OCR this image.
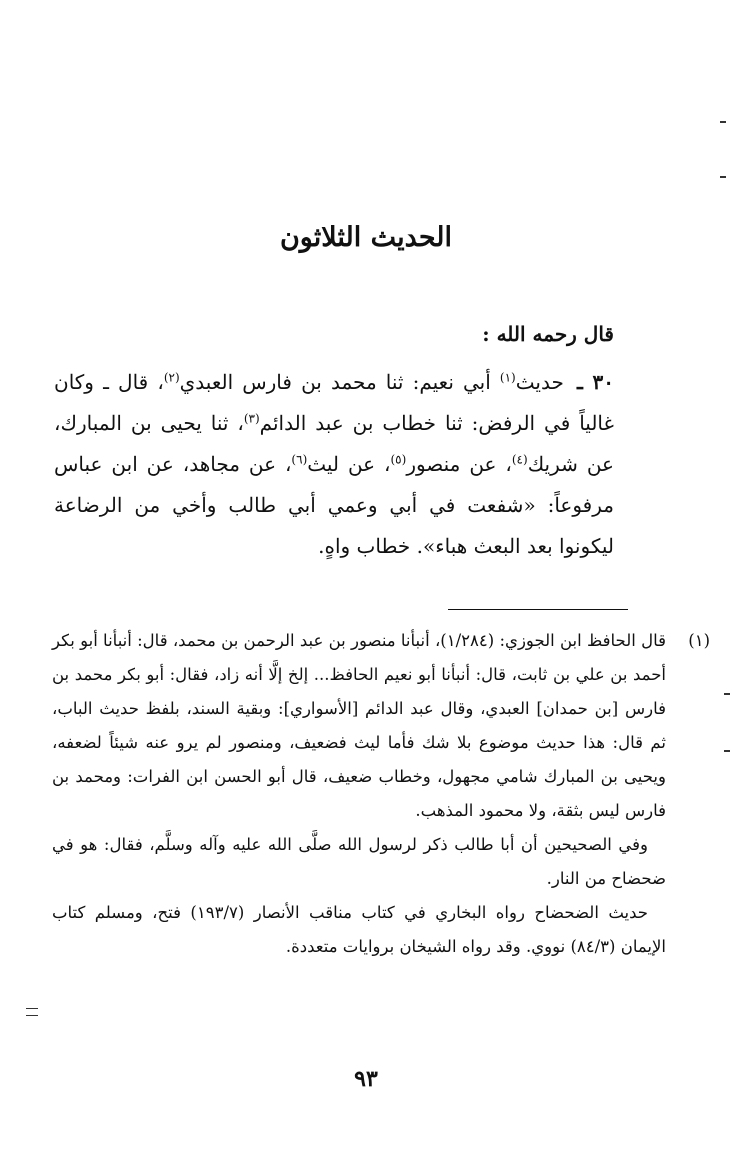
الحديث الثلاثون

قال رحمه الله :

٣٠ ـ حديث$^{(١)}$ أبي نعيم: ثنا محمد بن فارس العبدي$^{(٢)}$، قال ـ وكان غالياً في الرفض: ثنا خطاب بن عبد الدائم$^{(٣)}$، ثنا يحيى بن المبارك، عن شريك$^{(٤)}$، عن منصور$^{(٥)}$، عن ليث$^{(٦)}$، عن مجاهد، عن ابن عباس مرفوعاً: «شفعت في أبي وعمي أبي طالب وأخي من الرضاعة ليكونوا بعد البعث هباء». خطاب واهٍ.

(١)

قال الحافظ ابن الجوزي: (١/٢٨٤)، أنبأنا منصور بن عبد الرحمن بن محمد، قال: أنبأنا أبو بكر أحمد بن علي بن ثابت، قال: أنبأنا أبو نعيم الحافظ... إلخ إلَّا أنه زاد، فقال: أبو بكر محمد بن فارس [بن حمدان] العبدي، وقال عبد الدائم [الأسواري]: وبقية السند، بلفظ حديث الباب، ثم قال: هذا حديث موضوع بلا شك فأما ليث فضعيف، ومنصور لم يرو عنه شيئاً لضعفه، ويحيى بن المبارك شامي مجهول، وخطاب ضعيف، قال أبو الحسن ابن الفرات: ومحمد بن فارس ليس بثقة، ولا محمود المذهب.

وفي الصحيحين أن أبا طالب ذكر لرسول الله صلَّى الله عليه وآله وسلَّم، فقال: هو في ضحضاح من النار.

حديث الضحضاح رواه البخاري في كتاب مناقب الأنصار (١٩٣/٧) فتح، ومسلم كتاب الإيمان (٨٤/٣) نووي. وقد رواه الشيخان بروايات متعددة.

٩٣
